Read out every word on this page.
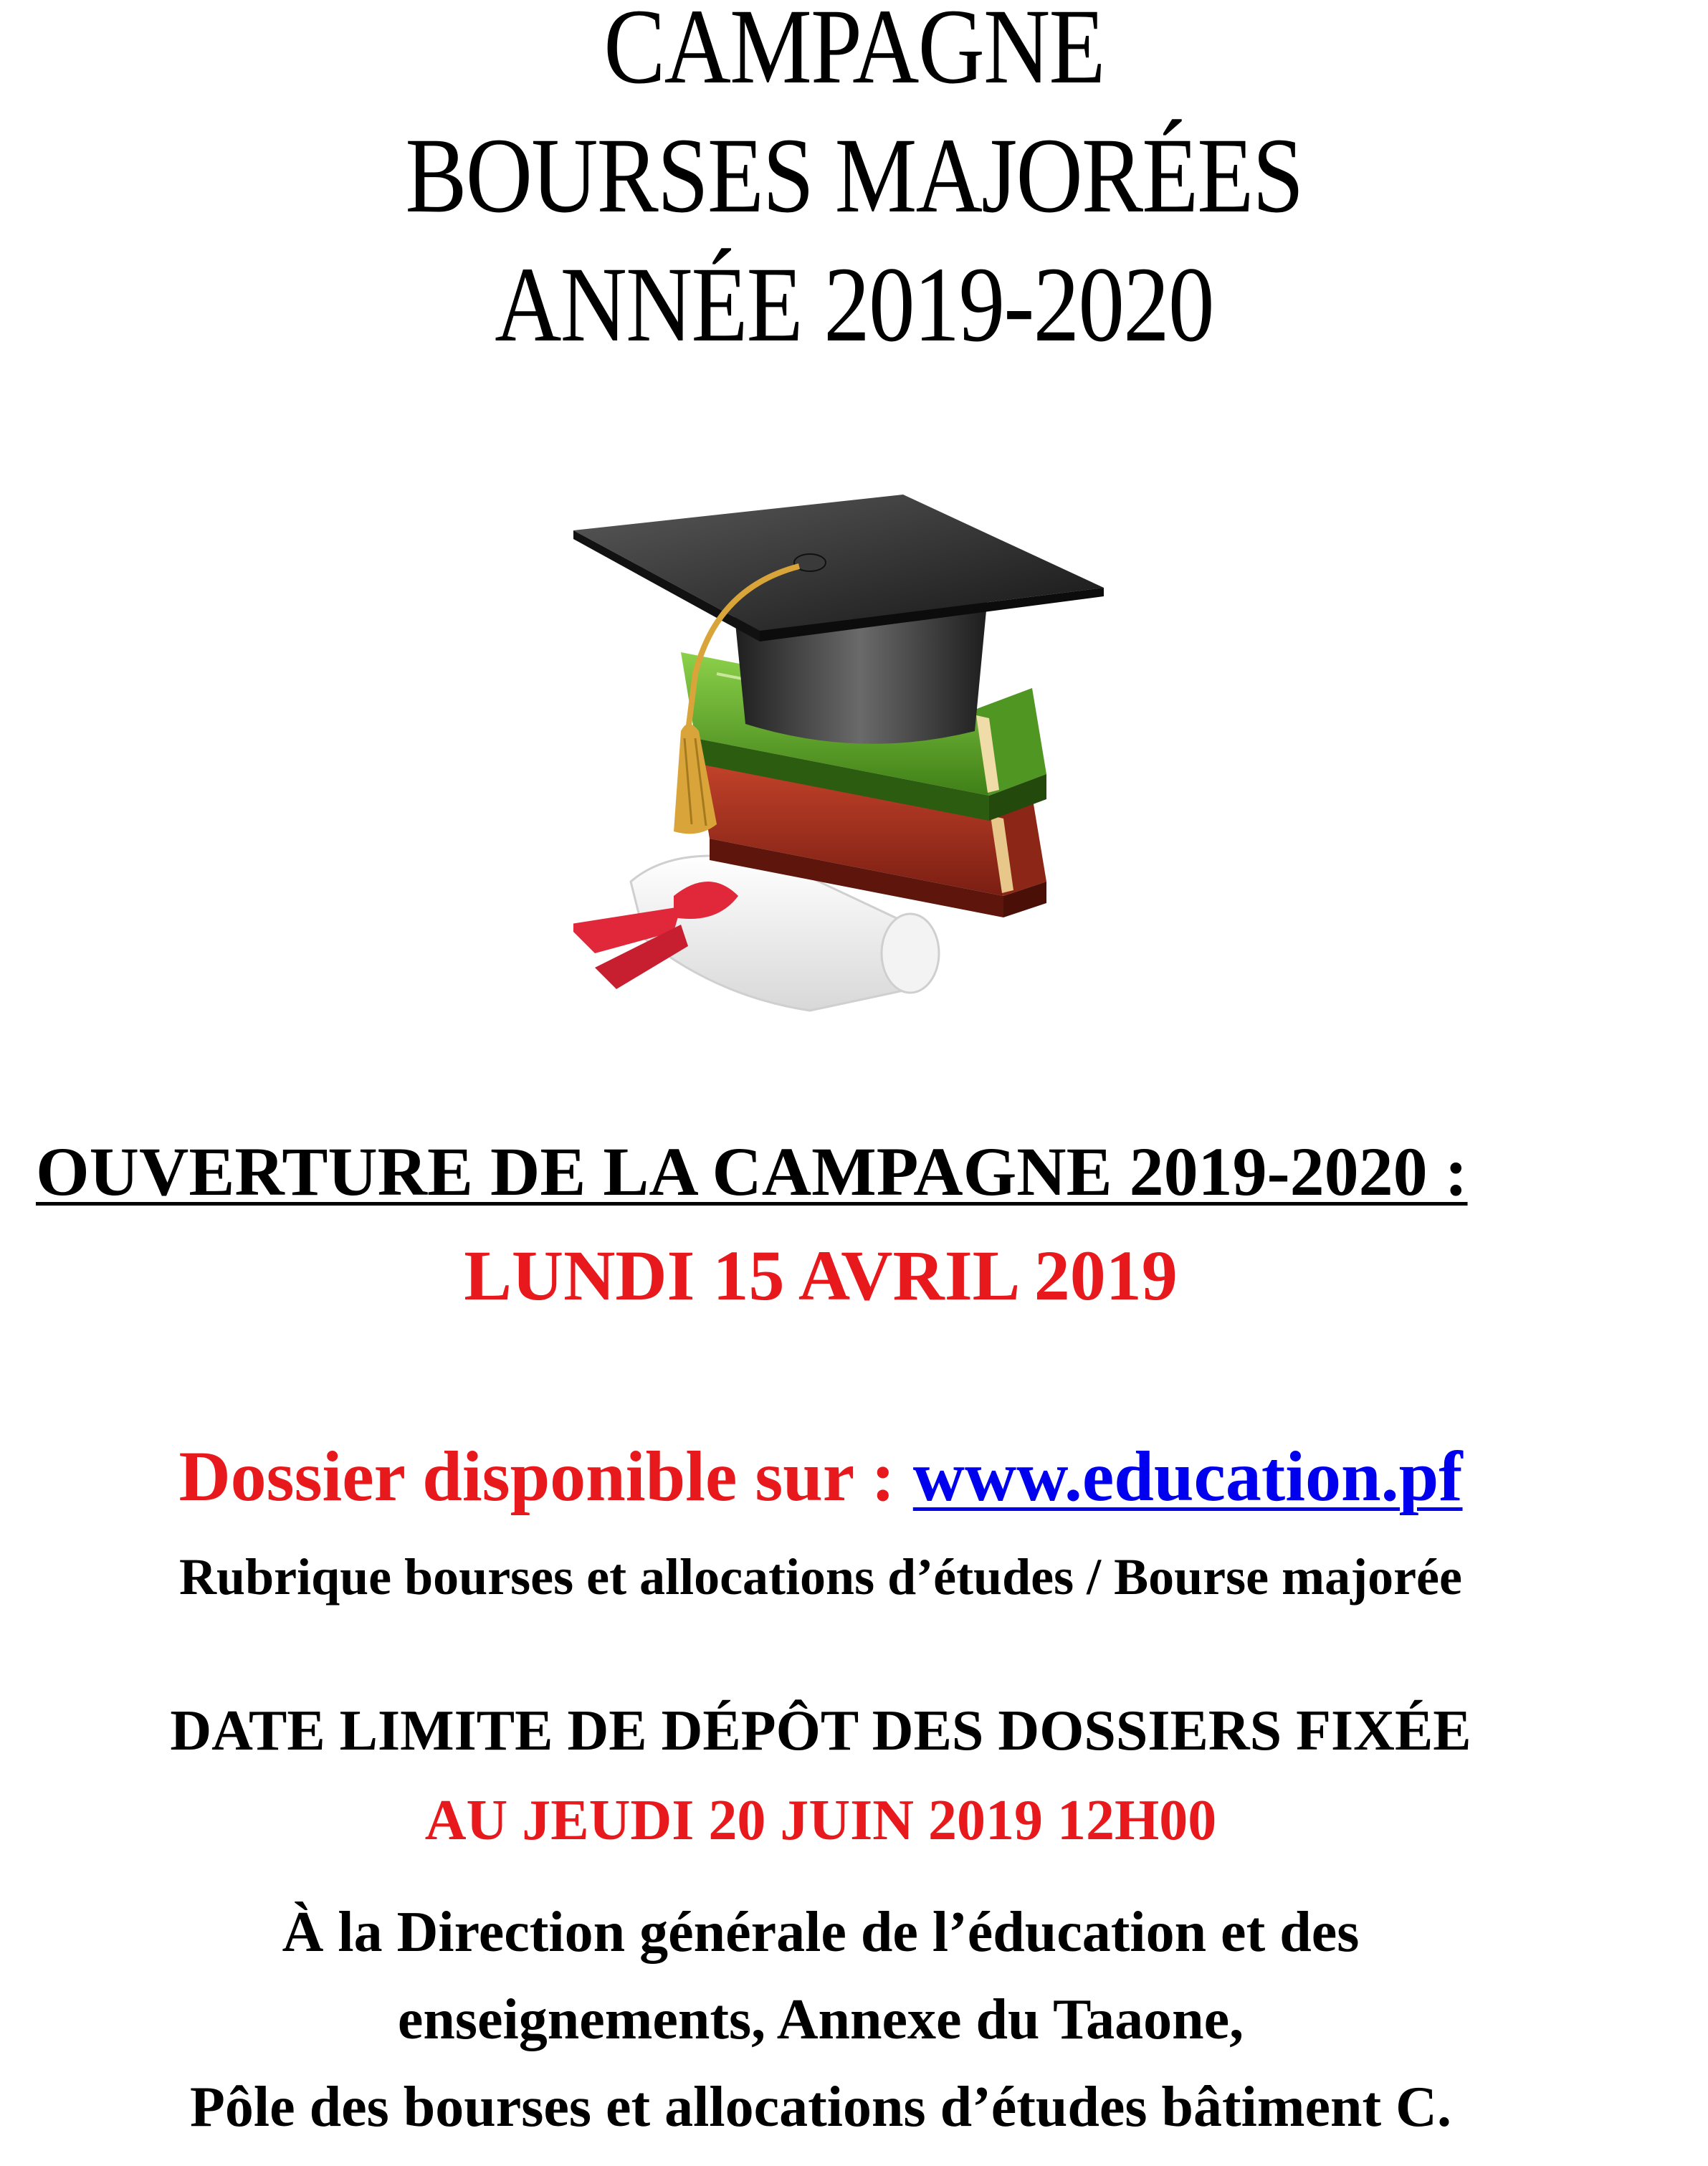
CAMPAGNE
BOURSES MAJORÉES
ANNÉE 2019-2020
OUVERTURE DE LA CAMPAGNE 2019-2020 :
LUNDI 15 AVRIL 2019
Dossier disponible sur : www.education.pf
Rubrique bourses et allocations d’études / Bourse majorée
DATE LIMITE DE DÉPÔT DES DOSSIERS FIXÉE
AU JEUDI 20 JUIN 2019 12H00
À la Direction générale de l’éducation et des
enseignements, Annexe du Taaone,
Pôle des bourses et allocations d’études bâtiment C.
